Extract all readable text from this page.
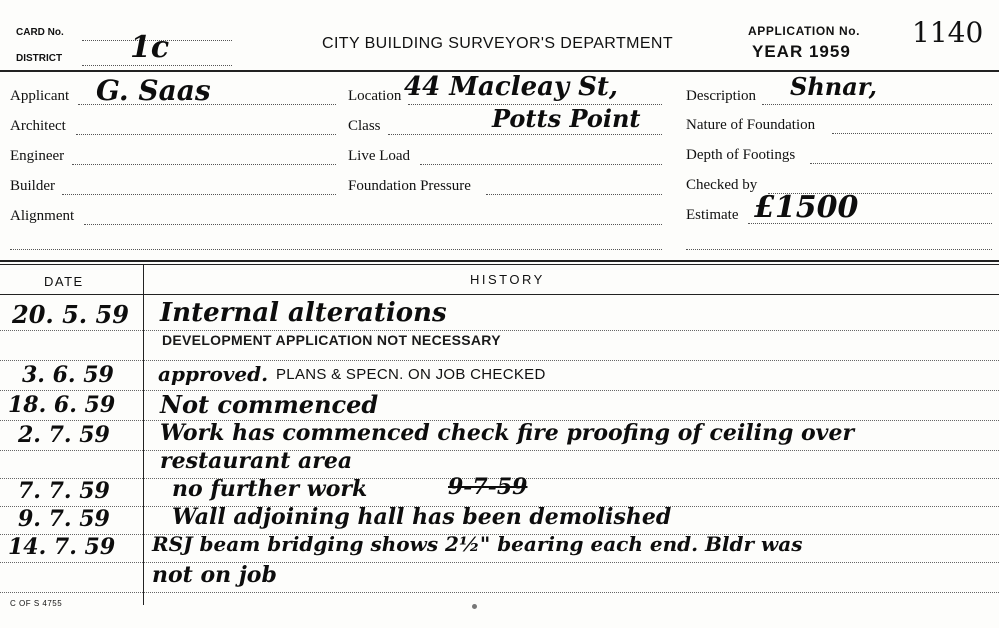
CARD No.
DISTRICT 1c	CITY BUILDING SURVEYOR'S DEPARTMENT
APPLICATION No. 1140
YEAR 1959
Applicant G. Saas
Architect
Engineer
Builder
Alignment
Location 44 Macleay St,
Class	Potts Point
Live Load
Foundation Pressure
Description Shnar,
Nature of Foundation
Depth of Footings
Checked by
Estimate £1500
DATE	HISTORY
20. 5. 59 Internal alterations
DEVELOPMENT APPLICATION NOT NECESSARY
3. 6. 59 approved. PLANS & SPECN. ON JOB CHECKED
18. 6. 59 Not commenced
2. 7. 59 Work has commenced check fire proofing of ceiling over
restaurant area
7. 7. 59	no further work	9-7-59
9. 7. 59	Wall adjoining hall has been demolished
14. 7. 59 RSJ beam bridging shows 2½" bearing each end. Bldr was
not on job
C OF S 4755
